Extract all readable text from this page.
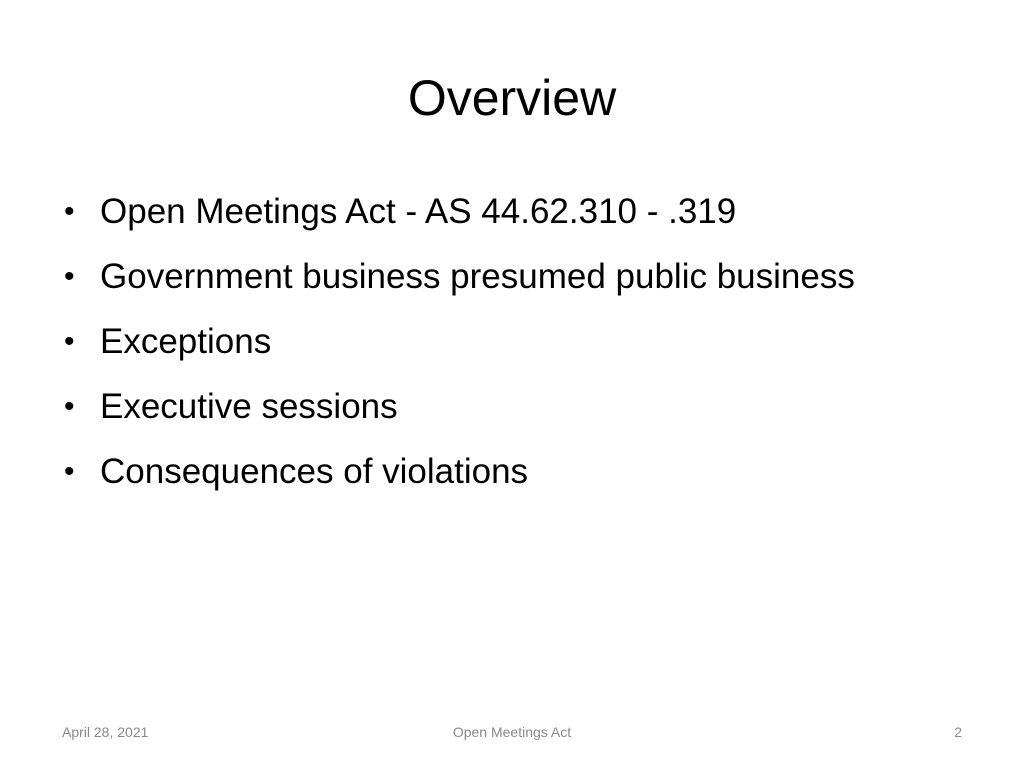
Overview
• Open Meetings Act - AS 44.62.310 - .319
• Government business presumed public business
• Exceptions
• Executive sessions
• Consequences of violations
April 28, 2021	Open Meetings Act	2
